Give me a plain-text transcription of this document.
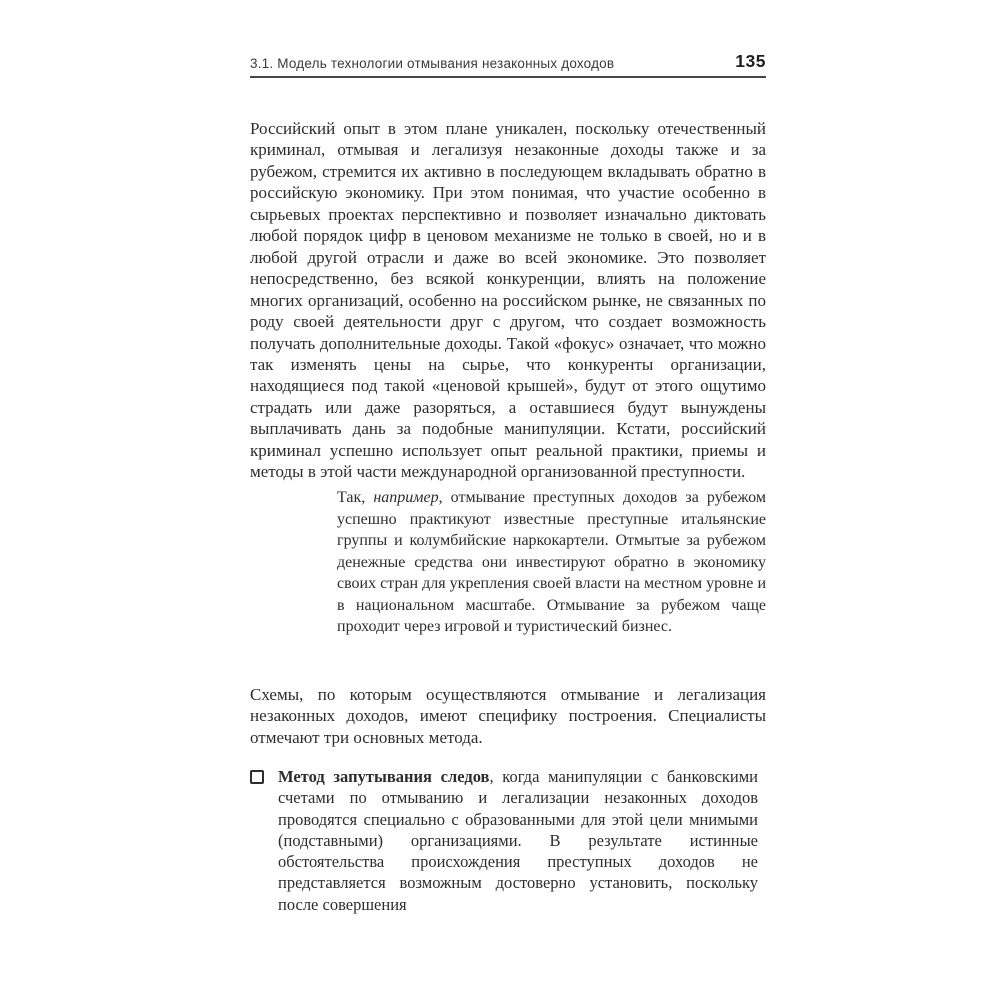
3.1. Модель технологии отмывания незаконных доходов	135

Российский опыт в этом плане уникален, поскольку отечественный криминал, отмывая и легализуя незаконные доходы также и за рубежом, стремится их активно в последующем вкладывать обратно в российскую экономику. При этом понимая, что участие особенно в сырьевых проектах перспективно и позволяет изначально диктовать любой порядок цифр в ценовом механизме не только в своей, но и в любой другой отрасли и даже во всей экономике. Это позволяет непосредственно, без всякой конкуренции, влиять на положение многих организаций, особенно на российском рынке, не связанных по роду своей деятельности друг с другом, что создает возможность получать дополнительные доходы. Такой «фокус» означает, что можно так изменять цены на сырье, что конкуренты организации, находящиеся под такой «ценовой крышей», будут от этого ощутимо страдать или даже разоряться, а оставшиеся будут вынуждены выплачивать дань за подобные манипуляции. Кстати, российский криминал успешно использует опыт реальной практики, приемы и методы в этой части международной организованной преступности.

Так, например, отмывание преступных доходов за рубежом успешно практикуют известные преступные итальянские группы и колумбийские наркокартели. Отмытые за рубежом денежные средства они инвестируют обратно в экономику своих стран для укрепления своей власти на местном уровне и в национальном масштабе. Отмывание за рубежом чаще проходит через игровой и туристический бизнес.

Схемы, по которым осуществляются отмывание и легализация незаконных доходов, имеют специфику построения. Специалисты отмечают три основных метода.

Метод запутывания следов, когда манипуляции с банковскими счетами по отмыванию и легализации незаконных доходов проводятся специально с образованными для этой цели мнимыми (подставными) организациями. В результате истинные обстоятельства происхождения преступных доходов не представляется возможным достоверно установить, поскольку после совершения
